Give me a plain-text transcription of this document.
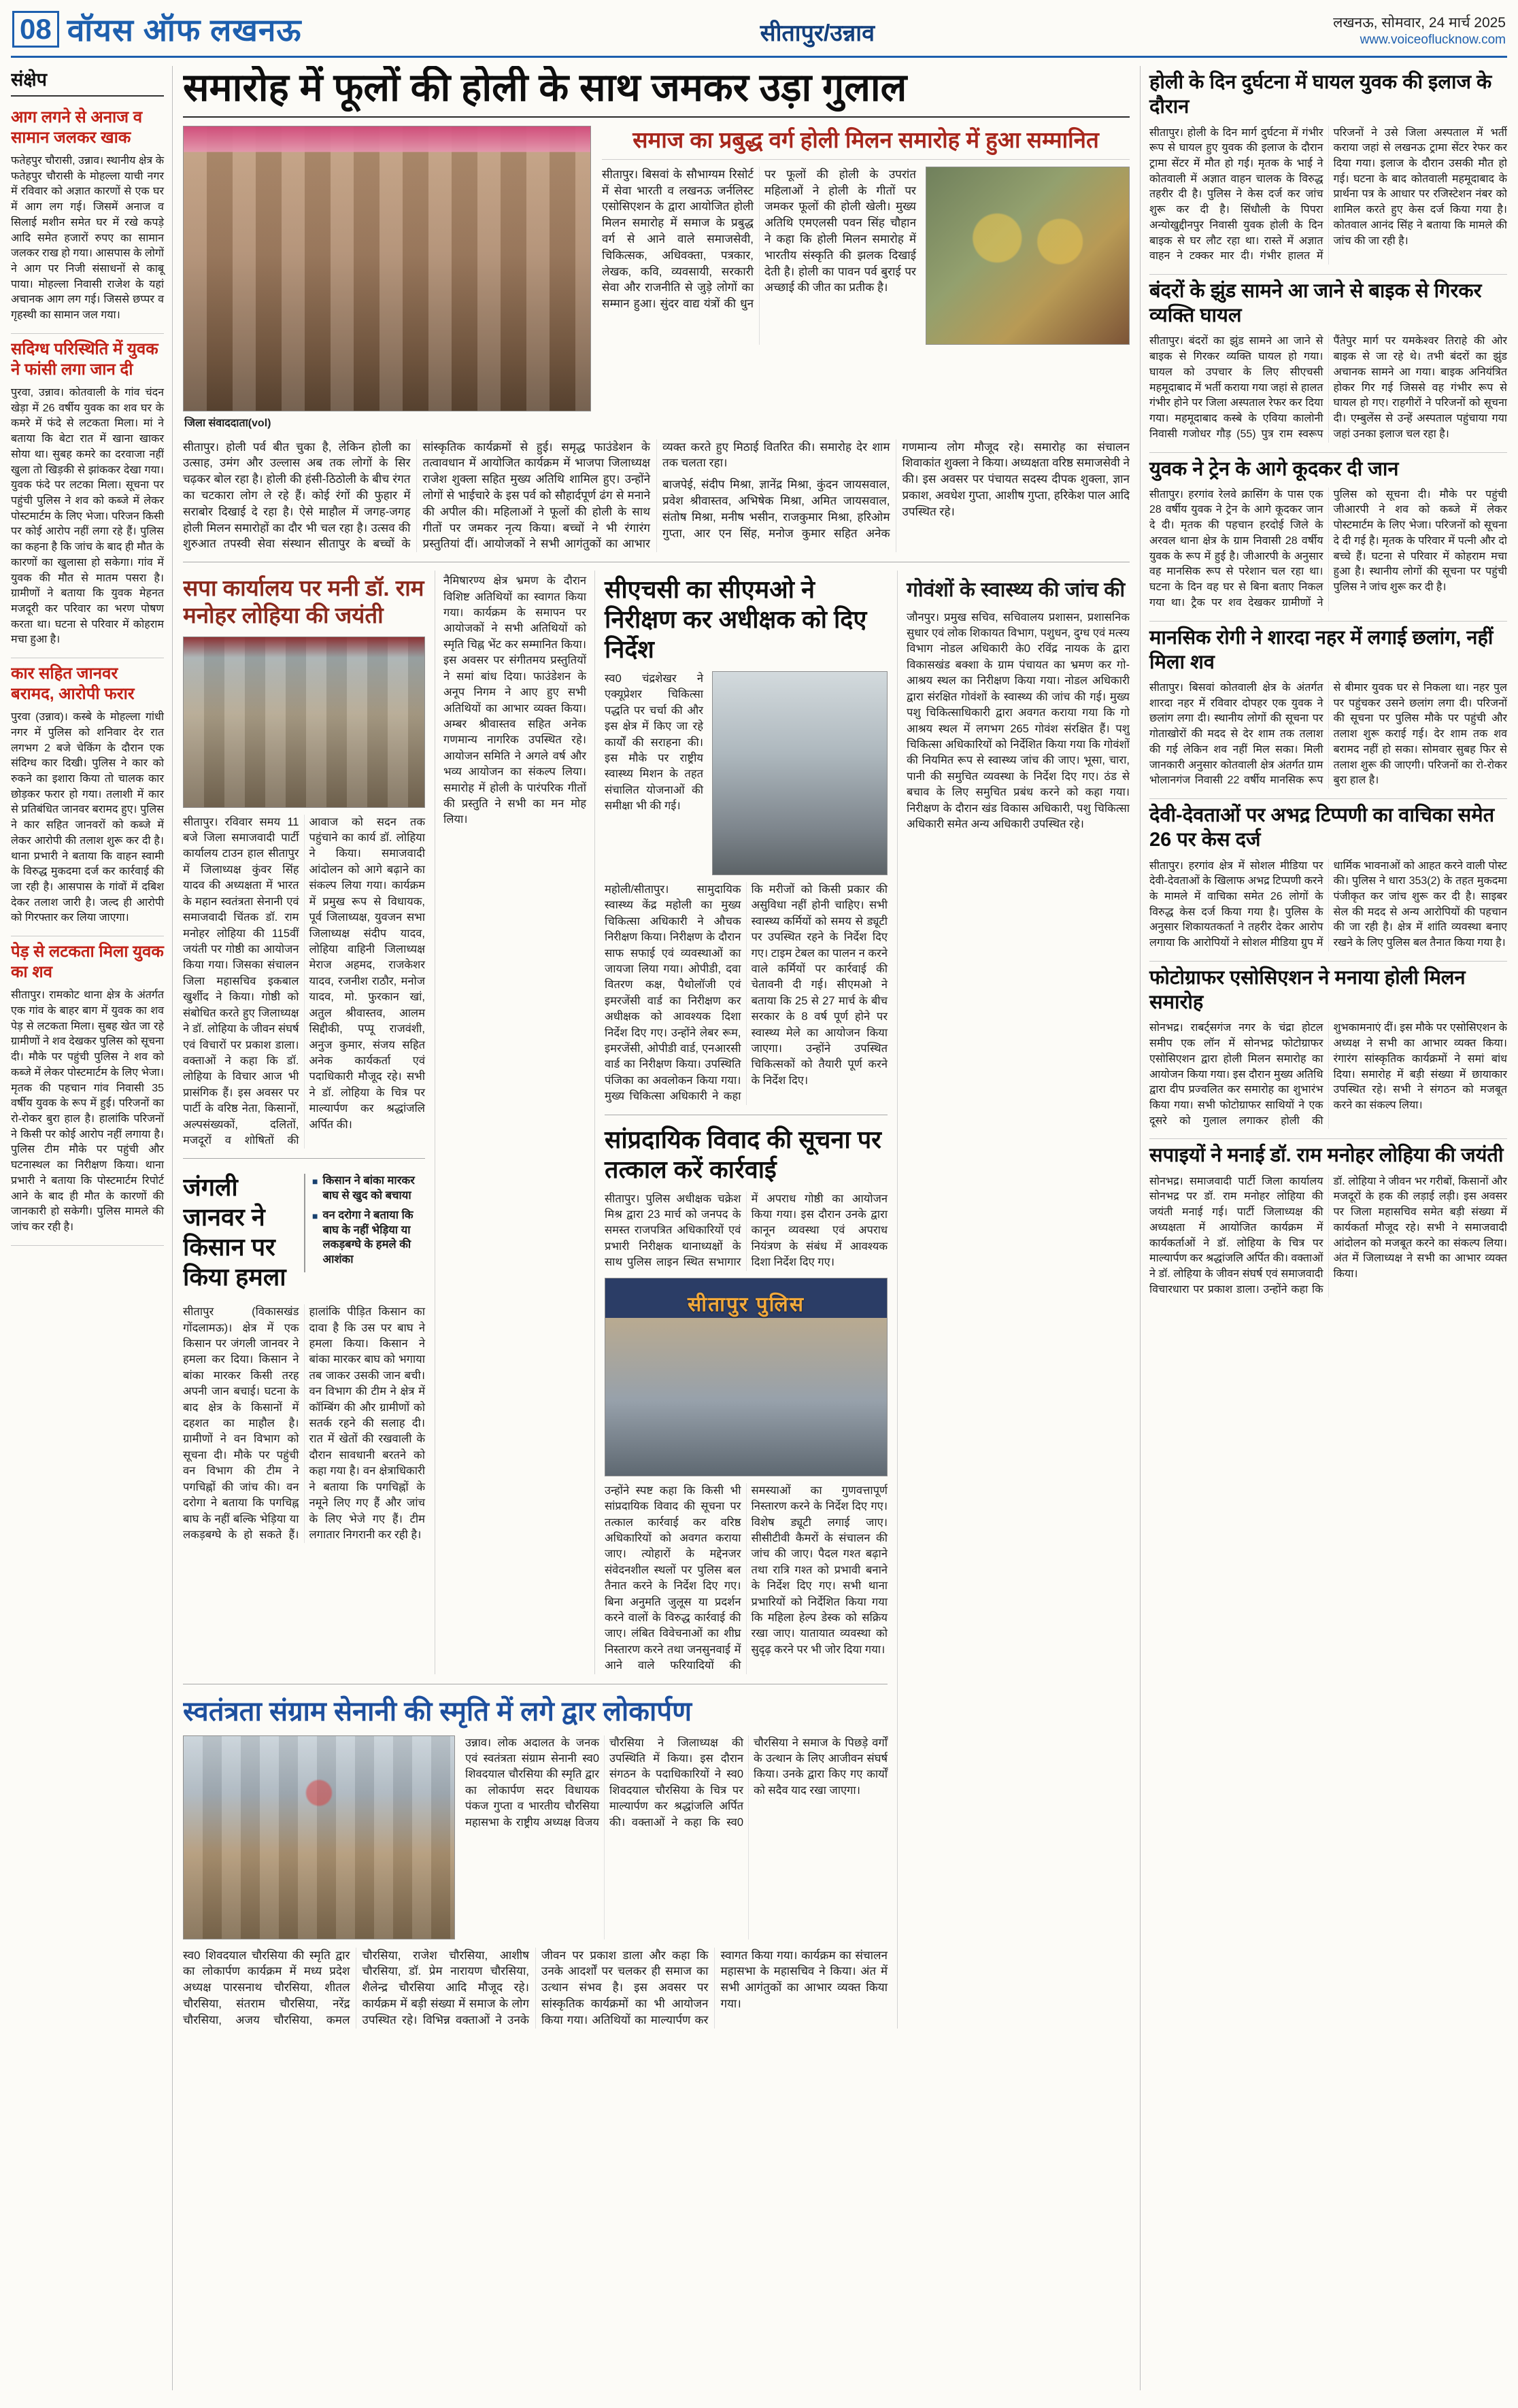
08 वॉयस ऑफ लखनऊ	सीतापुर/उन्नाव	लखनऊ, सोमवार, 24 मार्च 2025
www.voiceoflucknow.com
संक्षेप
आग लगने से अनाज व सामान जलकर खाक

फतेहपुर चौरासी, उन्नाव। स्थानीय क्षेत्र के फतेहपुर चौरासी के मोहल्ला याची नगर में रविवार को अज्ञात कारणों से एक घर में आग लग गई। जिसमें अनाज व सिलाई मशीन समेत घर में रखे कपड़े आदि समेत हजारों रुपए का सामान जलकर राख हो गया। आसपास के लोगों ने आग पर निजी संसाधनों से काबू पाया। मोहल्ला निवासी राजेश के यहां अचानक आग लग गई। जिससे छप्पर व गृहस्थी का सामान जल गया।

सदिग्ध परिस्थिति में युवक ने फांसी लगा जान दी

पुरवा, उन्नाव। कोतवाली के गांव चंदन खेड़ा में 26 वर्षीय युवक का शव घर के कमरे में फंदे से लटकता मिला। मां ने बताया कि बेटा रात में खाना खाकर सोया था। सुबह कमरे का दरवाजा नहीं खुला तो खिड़की से झांककर देखा गया। युवक फंदे पर लटका मिला। सूचना पर पहुंची पुलिस ने शव को कब्जे में लेकर पोस्टमार्टम के लिए भेजा। परिजन किसी पर कोई आरोप नहीं लगा रहे हैं। पुलिस का कहना है कि जांच के बाद ही मौत के कारणों का खुलासा हो सकेगा। गांव में युवक की मौत से मातम पसरा है। ग्रामीणों ने बताया कि युवक मेहनत मजदूरी कर परिवार का भरण पोषण करता था। घटना से परिवार में कोहराम मचा हुआ है।

कार सहित जानवर बरामद, आरोपी फरार

पुरवा (उन्नाव)। कस्बे के मोहल्ला गांधी नगर में पुलिस को शनिवार देर रात लगभग 2 बजे चेकिंग के दौरान एक संदिग्ध कार दिखी। पुलिस ने कार को रुकने का इशारा किया तो चालक कार छोड़कर फरार हो गया। तलाशी में कार से प्रतिबंधित जानवर बरामद हुए। पुलिस ने कार सहित जानवरों को कब्जे में लेकर आरोपी की तलाश शुरू कर दी है। थाना प्रभारी ने बताया कि वाहन स्वामी के विरुद्ध मुकदमा दर्ज कर कार्रवाई की जा रही है। आसपास के गांवों में दबिश देकर तलाश जारी है। जल्द ही आरोपी को गिरफ्तार कर लिया जाएगा।

पेड़ से लटकता मिला युवक का शव

सीतापुर। रामकोट थाना क्षेत्र के अंतर्गत एक गांव के बाहर बाग में युवक का शव पेड़ से लटकता मिला। सुबह खेत जा रहे ग्रामीणों ने शव देखकर पुलिस को सूचना दी। मौके पर पहुंची पुलिस ने शव को कब्जे में लेकर पोस्टमार्टम के लिए भेजा। मृतक की पहचान गांव निवासी 35 वर्षीय युवक के रूप में हुई। परिजनों का रो-रोकर बुरा हाल है। हालांकि परिजनों ने किसी पर कोई आरोप नहीं लगाया है। पुलिस टीम मौके पर पहुंची और घटनास्थल का निरीक्षण किया। थाना प्रभारी ने बताया कि पोस्टमार्टम रिपोर्ट आने के बाद ही मौत के कारणों की जानकारी हो सकेगी। पुलिस मामले की जांच कर रही है।

समारोह में फूलों की होली के साथ जमकर उड़ा गुलाल
जिला संवाददाता(vol)
समाज का प्रबुद्ध वर्ग होली मिलन समारोह में हुआ सम्मानित

सीतापुर। बिसवां के सौभाग्यम रिसोर्ट में सेवा भारती व लखनऊ जर्नलिस्ट एसोसिएशन के द्वारा आयोजित होली मिलन समारोह में समाज के प्रबुद्ध वर्ग से आने वाले समाजसेवी, चिकित्सक, अधिवक्ता, पत्रकार, लेखक, कवि, व्यवसायी, सरकारी सेवा और राजनीति से जुड़े लोगों का सम्मान हुआ। सुंदर वाद्य यंत्रों की धुन पर फूलों की होली के उपरांत महिलाओं ने होली के गीतों पर जमकर फूलों की होली खेली। मुख्य अतिथि एमएलसी पवन सिंह चौहान ने कहा कि होली मिलन समारोह में भारतीय संस्कृति की झलक दिखाई देती है। होली का पावन पर्व बुराई पर अच्छाई की जीत का प्रतीक है।

सीतापुर। होली पर्व बीत चुका है, लेकिन होली का उत्साह, उमंग और उल्लास अब तक लोगों के सिर चढ़कर बोल रहा है। होली की हंसी-ठिठोली के बीच रंगत का चटकारा लोग ले रहे हैं। कोई रंगों की फुहार में सराबोर दिखाई दे रहा है। ऐसे माहौल में जगह-जगह होली मिलन समारोहों का दौर भी चल रहा है। उत्सव की शुरुआत तपस्वी सेवा संस्थान सीतापुर के बच्चों के सांस्कृतिक कार्यक्रमों से हुई। समृद्ध फाउंडेशन के तत्वावधान में आयोजित कार्यक्रम में भाजपा जिलाध्यक्ष राजेश शुक्ला सहित मुख्य अतिथि शामिल हुए। उन्होंने लोगों से भाईचारे के इस पर्व को सौहार्दपूर्ण ढंग से मनाने की अपील की। महिलाओं ने फूलों की होली के साथ गीतों पर जमकर नृत्य किया। बच्चों ने भी रंगारंग प्रस्तुतियां दीं। आयोजकों ने सभी आगंतुकों का आभार व्यक्त करते हुए मिठाई वितरित की। समारोह देर शाम तक चलता रहा।

बाजपेई, संदीप मिश्रा, ज्ञानेंद्र मिश्रा, कुंदन जायसवाल, प्रवेश श्रीवास्तव, अभिषेक मिश्रा, अमित जायसवाल, संतोष मिश्रा, मनीष भसीन, राजकुमार मिश्रा, हरिओम गुप्ता, आर एन सिंह, मनोज कुमार सहित अनेक गणमान्य लोग मौजूद रहे। समारोह का संचालन शिवाकांत शुक्ला ने किया। अध्यक्षता वरिष्ठ समाजसेवी ने की। इस अवसर पर पंचायत सदस्य दीपक शुक्ला, ज्ञान प्रकाश, अवधेश गुप्ता, आशीष गुप्ता, हरिकेश पाल आदि उपस्थित रहे।

सपा कार्यालय पर मनी डॉ. राम मनोहर लोहिया की जयंती

सीतापुर। रविवार समय 11 बजे जिला समाजवादी पार्टी कार्यालय टाउन हाल सीतापुर में जिलाध्यक्ष कुंवर सिंह यादव की अध्यक्षता में भारत के महान स्वतंत्रता सेनानी एवं समाजवादी चिंतक डॉ. राम मनोहर लोहिया की 115वीं जयंती पर गोष्ठी का आयोजन किया गया। जिसका संचालन जिला महासचिव इकबाल खुर्शीद ने किया। गोष्ठी को संबोधित करते हुए जिलाध्यक्ष ने डॉ. लोहिया के जीवन संघर्ष एवं विचारों पर प्रकाश डाला। वक्ताओं ने कहा कि डॉ. लोहिया के विचार आज भी प्रासंगिक हैं। इस अवसर पर पार्टी के वरिष्ठ नेता, किसानों, अल्पसंख्यकों, दलितों, मजदूरों व शोषितों की आवाज को सदन तक पहुंचाने का कार्य डॉ. लोहिया ने किया। समाजवादी आंदोलन को आगे बढ़ाने का संकल्प लिया गया। कार्यक्रम में प्रमुख रूप से विधायक, पूर्व जिलाध्यक्ष, युवजन सभा जिलाध्यक्ष संदीप यादव, लोहिया वाहिनी जिलाध्यक्ष मेराज अहमद, राजकेशर यादव, रजनीश राठौर, मनोज यादव, मो. फुरकान खां, अतुल श्रीवास्तव, आलम सिद्दीकी, पप्पू राजवंशी, अनुज कुमार, संजय सहित अनेक कार्यकर्ता एवं पदाधिकारी मौजूद रहे। सभी ने डॉ. लोहिया के चित्र पर माल्यार्पण कर श्रद्धांजलि अर्पित की।

जंगली जानवर ने किसान पर किया हमला
■ किसान ने बांका मारकर बाघ से खुद को बचाया
■ वन दरोगा ने बताया कि बाघ के नहीं भेड़िया या लकड़बग्घे के हमले की आशंका

सीतापुर (विकासखंड गोंदलामऊ)। क्षेत्र में एक किसान पर जंगली जानवर ने हमला कर दिया। किसान ने बांका मारकर किसी तरह अपनी जान बचाई। घटना के बाद क्षेत्र के किसानों में दहशत का माहौल है। ग्रामीणों ने वन विभाग को सूचना दी। मौके पर पहुंची वन विभाग की टीम ने पगचिह्नों की जांच की। वन दरोगा ने बताया कि पगचिह्न बाघ के नहीं बल्कि भेड़िया या लकड़बग्घे के हो सकते हैं। हालांकि पीड़ित किसान का दावा है कि उस पर बाघ ने हमला किया। किसान ने बांका मारकर बाघ को भगाया तब जाकर उसकी जान बची। वन विभाग की टीम ने क्षेत्र में कॉम्बिंग की और ग्रामीणों को सतर्क रहने की सलाह दी। रात में खेतों की रखवाली के दौरान सावधानी बरतने को कहा गया है। वन क्षेत्राधिकारी ने बताया कि पगचिह्नों के नमूने लिए गए हैं और जांच के लिए भेजे गए हैं। टीम लगातार निगरानी कर रही है।

नैमिषारण्य क्षेत्र भ्रमण के दौरान विशिष्ट अतिथियों का स्वागत किया गया। कार्यक्रम के समापन पर आयोजकों ने सभी अतिथियों को स्मृति चिह्न भेंट कर सम्मानित किया। इस अवसर पर संगीतमय प्रस्तुतियों ने समां बांध दिया। फाउंडेशन के अनूप निगम ने आए हुए सभी अतिथियों का आभार व्यक्त किया। अम्बर श्रीवास्तव सहित अनेक गणमान्य नागरिक उपस्थित रहे। आयोजन समिति ने अगले वर्ष और भव्य आयोजन का संकल्प लिया। समारोह में होली के पारंपरिक गीतों की प्रस्तुति ने सभी का मन मोह लिया।

सीएचसी का सीएमओ ने निरीक्षण कर अधीक्षक को दिए निर्देश

स्व0 चंद्रशेखर ने एक्यूप्रेशर चिकित्सा पद्धति पर चर्चा की और इस क्षेत्र में किए जा रहे कार्यों की सराहना की। इस मौके पर राष्ट्रीय स्वास्थ्य मिशन के तहत संचालित योजनाओं की समीक्षा भी की गई।

महोली/सीतापुर। सामुदायिक स्वास्थ्य केंद्र महोली का मुख्य चिकित्सा अधिकारी ने औचक निरीक्षण किया। निरीक्षण के दौरान साफ सफाई एवं व्यवस्थाओं का जायजा लिया गया। ओपीडी, दवा वितरण कक्ष, पैथोलॉजी एवं इमरजेंसी वार्ड का निरीक्षण कर अधीक्षक को आवश्यक दिशा निर्देश दिए गए। उन्होंने लेबर रूम, इमरजेंसी, ओपीडी वार्ड, एनआरसी वार्ड का निरीक्षण किया। उपस्थिति पंजिका का अवलोकन किया गया। मुख्य चिकित्सा अधिकारी ने कहा कि मरीजों को किसी प्रकार की असुविधा नहीं होनी चाहिए। सभी स्वास्थ्य कर्मियों को समय से ड्यूटी पर उपस्थित रहने के निर्देश दिए गए। टाइम टेबल का पालन न करने वाले कर्मियों पर कार्रवाई की चेतावनी दी गई। सीएमओ ने बताया कि 25 से 27 मार्च के बीच सरकार के 8 वर्ष पूर्ण होने पर स्वास्थ्य मेले का आयोजन किया जाएगा। उन्होंने उपस्थित चिकित्सकों को तैयारी पूर्ण करने के निर्देश दिए।

सांप्रदायिक विवाद की सूचना पर तत्काल करें कार्रवाई

सीतापुर। पुलिस अधीक्षक चक्रेश मिश्र द्वारा 23 मार्च को जनपद के समस्त राजपत्रित अधिकारियों एवं प्रभारी निरीक्षक थानाध्यक्षों के साथ पुलिस लाइन स्थित सभागार में अपराध गोष्ठी का आयोजन किया गया। इस दौरान उनके द्वारा कानून व्यवस्था एवं अपराध नियंत्रण के संबंध में आवश्यक दिशा निर्देश दिए गए।

सीतापुर पुलिस

उन्होंने स्पष्ट कहा कि किसी भी सांप्रदायिक विवाद की सूचना पर तत्काल कार्रवाई कर वरिष्ठ अधिकारियों को अवगत कराया जाए। त्योहारों के मद्देनजर संवेदनशील स्थलों पर पुलिस बल तैनात करने के निर्देश दिए गए। बिना अनुमति जुलूस या प्रदर्शन करने वालों के विरुद्ध कार्रवाई की जाए। लंबित विवेचनाओं का शीघ्र निस्तारण करने तथा जनसुनवाई में आने वाले फरियादियों की समस्याओं का गुणवत्तापूर्ण निस्तारण करने के निर्देश दिए गए। विशेष ड्यूटी लगाई जाए। सीसीटीवी कैमरों के संचालन की जांच की जाए। पैदल गश्त बढ़ाने तथा रात्रि गश्त को प्रभावी बनाने के निर्देश दिए गए। सभी थाना प्रभारियों को निर्देशित किया गया कि महिला हेल्प डेस्क को सक्रिय रखा जाए। यातायात व्यवस्था को सुदृढ़ करने पर भी जोर दिया गया।

गोवंशों के स्वास्थ्य की जांच की

जौनपुर। प्रमुख सचिव, सचिवालय प्रशासन, प्रशासनिक सुधार एवं लोक शिकायत विभाग, पशुधन, दुग्ध एवं मत्स्य विभाग नोडल अधिकारी के0 रविंद्र नायक के द्वारा विकासखंड बक्शा के ग्राम पंचायत का भ्रमण कर गो-आश्रय स्थल का निरीक्षण किया गया। नोडल अधिकारी द्वारा संरक्षित गोवंशों के स्वास्थ्य की जांच की गई। मुख्य पशु चिकित्साधिकारी द्वारा अवगत कराया गया कि गो आश्रय स्थल में लगभग 265 गोवंश संरक्षित हैं। पशु चिकित्सा अधिकारियों को निर्देशित किया गया कि गोवंशों की नियमित रूप से स्वास्थ्य जांच की जाए। भूसा, चारा, पानी की समुचित व्यवस्था के निर्देश दिए गए। ठंड से बचाव के लिए समुचित प्रबंध करने को कहा गया। निरीक्षण के दौरान खंड विकास अधिकारी, पशु चिकित्सा अधिकारी समेत अन्य अधिकारी उपस्थित रहे।

स्वतंत्रता संग्राम सेनानी की स्मृति में लगे द्वार लोकार्पण

उन्नाव। लोक अदालत के जनक एवं स्वतंत्रता संग्राम सेनानी स्व0 शिवदयाल चौरसिया की स्मृति द्वार का लोकार्पण सदर विधायक पंकज गुप्ता व भारतीय चौरसिया महासभा के राष्ट्रीय अध्यक्ष विजय चौरसिया ने जिलाध्यक्ष की उपस्थिति में किया। इस दौरान संगठन के पदाधिकारियों ने स्व0 शिवदयाल चौरसिया के चित्र पर माल्यार्पण कर श्रद्धांजलि अर्पित की। वक्ताओं ने कहा कि स्व0 चौरसिया ने समाज के पिछड़े वर्गों के उत्थान के लिए आजीवन संघर्ष किया। उनके द्वारा किए गए कार्यों को सदैव याद रखा जाएगा।

स्व0 शिवदयाल चौरसिया की स्मृति द्वार का लोकार्पण कार्यक्रम में मध्य प्रदेश अध्यक्ष पारसनाथ चौरसिया, शीतल चौरसिया, संतराम चौरसिया, नरेंद्र चौरसिया, अजय चौरसिया, कमल चौरसिया, राजेश चौरसिया, आशीष चौरसिया, डॉ. प्रेम नारायण चौरसिया, शैलेन्द्र चौरसिया आदि मौजूद रहे। कार्यक्रम में बड़ी संख्या में समाज के लोग उपस्थित रहे। विभिन्न वक्ताओं ने उनके जीवन पर प्रकाश डाला और कहा कि उनके आदर्शों पर चलकर ही समाज का उत्थान संभव है। इस अवसर पर सांस्कृतिक कार्यक्रमों का भी आयोजन किया गया। अतिथियों का माल्यार्पण कर स्वागत किया गया। कार्यक्रम का संचालन महासभा के महासचिव ने किया। अंत में सभी आगंतुकों का आभार व्यक्त किया गया।

होली के दिन दुर्घटना में घायल युवक की इलाज के दौरान

सीतापुर। होली के दिन मार्ग दुर्घटना में गंभीर रूप से घायल हुए युवक की इलाज के दौरान ट्रामा सेंटर में मौत हो गई। मृतक के भाई ने कोतवाली में अज्ञात वाहन चालक के विरुद्ध तहरीर दी है। पुलिस ने केस दर्ज कर जांच शुरू कर दी है। सिंधौली के पिपरा अन्योखुद्दीनपुर निवासी युवक होली के दिन बाइक से घर लौट रहा था। रास्ते में अज्ञात वाहन ने टक्कर मार दी। गंभीर हालत में परिजनों ने उसे जिला अस्पताल में भर्ती कराया जहां से लखनऊ ट्रामा सेंटर रेफर कर दिया गया। इलाज के दौरान उसकी मौत हो गई। घटना के बाद कोतवाली महमूदाबाद के प्रार्थना पत्र के आधार पर रजिस्टेशन नंबर को शामिल करते हुए केस दर्ज किया गया है। कोतवाल आनंद सिंह ने बताया कि मामले की जांच की जा रही है।

बंदरों के झुंड सामने आ जाने से बाइक से गिरकर व्यक्ति घायल

सीतापुर। बंदरों का झुंड सामने आ जाने से बाइक से गिरकर व्यक्ति घायल हो गया। घायल को उपचार के लिए सीएचसी महमूदाबाद में भर्ती कराया गया जहां से हालत गंभीर होने पर जिला अस्पताल रेफर कर दिया गया। महमूदाबाद कस्बे के एविया कालोनी निवासी गजोधर गौड़ (55) पुत्र राम स्वरूप पैंतेपुर मार्ग पर यमकेश्वर तिराहे की ओर बाइक से जा रहे थे। तभी बंदरों का झुंड अचानक सामने आ गया। बाइक अनियंत्रित होकर गिर गई जिससे वह गंभीर रूप से घायल हो गए। राहगीरों ने परिजनों को सूचना दी। एम्बुलेंस से उन्हें अस्पताल पहुंचाया गया जहां उनका इलाज चल रहा है।

युवक ने ट्रेन के आगे कूदकर दी जान

सीतापुर। हरगांव रेलवे क्रासिंग के पास एक 28 वर्षीय युवक ने ट्रेन के आगे कूदकर जान दे दी। मृतक की पहचान हरदोई जिले के अरवल थाना क्षेत्र के ग्राम निवासी 28 वर्षीय युवक के रूप में हुई है। जीआरपी के अनुसार वह मानसिक रूप से परेशान चल रहा था। घटना के दिन वह घर से बिना बताए निकल गया था। ट्रैक पर शव देखकर ग्रामीणों ने पुलिस को सूचना दी। मौके पर पहुंची जीआरपी ने शव को कब्जे में लेकर पोस्टमार्टम के लिए भेजा। परिजनों को सूचना दे दी गई है। मृतक के परिवार में पत्नी और दो बच्चे हैं। घटना से परिवार में कोहराम मचा हुआ है। स्थानीय लोगों की सूचना पर पहुंची पुलिस ने जांच शुरू कर दी है।

मानसिक रोगी ने शारदा नहर में लगाई छलांग, नहीं मिला शव

सीतापुर। बिसवां कोतवाली क्षेत्र के अंतर्गत शारदा नहर में रविवार दोपहर एक युवक ने छलांग लगा दी। स्थानीय लोगों की सूचना पर गोताखोरों की मदद से देर शाम तक तलाश की गई लेकिन शव नहीं मिल सका। मिली जानकारी अनुसार कोतवाली क्षेत्र अंतर्गत ग्राम भोलानगंज निवासी 22 वर्षीय मानसिक रूप से बीमार युवक घर से निकला था। नहर पुल पर पहुंचकर उसने छलांग लगा दी। परिजनों की सूचना पर पुलिस मौके पर पहुंची और तलाश शुरू कराई गई। देर शाम तक शव बरामद नहीं हो सका। सोमवार सुबह फिर से तलाश शुरू की जाएगी। परिजनों का रो-रोकर बुरा हाल है।

देवी-देवताओं पर अभद्र टिप्पणी का वाचिका समेत 26 पर केस दर्ज

सीतापुर। हरगांव क्षेत्र में सोशल मीडिया पर देवी-देवताओं के खिलाफ अभद्र टिप्पणी करने के मामले में वाचिका समेत 26 लोगों के विरुद्ध केस दर्ज किया गया है। पुलिस के अनुसार शिकायतकर्ता ने तहरीर देकर आरोप लगाया कि आरोपियों ने सोशल मीडिया ग्रुप में धार्मिक भावनाओं को आहत करने वाली पोस्ट की। पुलिस ने धारा 353(2) के तहत मुकदमा पंजीकृत कर जांच शुरू कर दी है। साइबर सेल की मदद से अन्य आरोपियों की पहचान की जा रही है। क्षेत्र में शांति व्यवस्था बनाए रखने के लिए पुलिस बल तैनात किया गया है।

फोटोग्राफर एसोसिएशन ने मनाया होली मिलन समारोह

सोनभद्र। राबर्ट्सगंज नगर के चंद्रा होटल समीप एक लॉन में सोनभद्र फोटोग्राफर एसोसिएशन द्वारा होली मिलन समारोह का आयोजन किया गया। इस दौरान मुख्य अतिथि द्वारा दीप प्रज्वलित कर समारोह का शुभारंभ किया गया। सभी फोटोग्राफर साथियों ने एक दूसरे को गुलाल लगाकर होली की शुभकामनाएं दीं। इस मौके पर एसोसिएशन के अध्यक्ष ने सभी का आभार व्यक्त किया। रंगारंग सांस्कृतिक कार्यक्रमों ने समां बांध दिया। समारोह में बड़ी संख्या में छायाकार उपस्थित रहे। सभी ने संगठन को मजबूत करने का संकल्प लिया।

सपाइयों ने मनाई डॉ. राम मनोहर लोहिया की जयंती

सोनभद्र। समाजवादी पार्टी जिला कार्यालय सोनभद्र पर डॉ. राम मनोहर लोहिया की जयंती मनाई गई। पार्टी जिलाध्यक्ष की अध्यक्षता में आयोजित कार्यक्रम में कार्यकर्ताओं ने डॉ. लोहिया के चित्र पर माल्यार्पण कर श्रद्धांजलि अर्पित की। वक्ताओं ने डॉ. लोहिया के जीवन संघर्ष एवं समाजवादी विचारधारा पर प्रकाश डाला। उन्होंने कहा कि डॉ. लोहिया ने जीवन भर गरीबों, किसानों और मजदूरों के हक की लड़ाई लड़ी। इस अवसर पर जिला महासचिव समेत बड़ी संख्या में कार्यकर्ता मौजूद रहे। सभी ने समाजवादी आंदोलन को मजबूत करने का संकल्प लिया। अंत में जिलाध्यक्ष ने सभी का आभार व्यक्त किया।
